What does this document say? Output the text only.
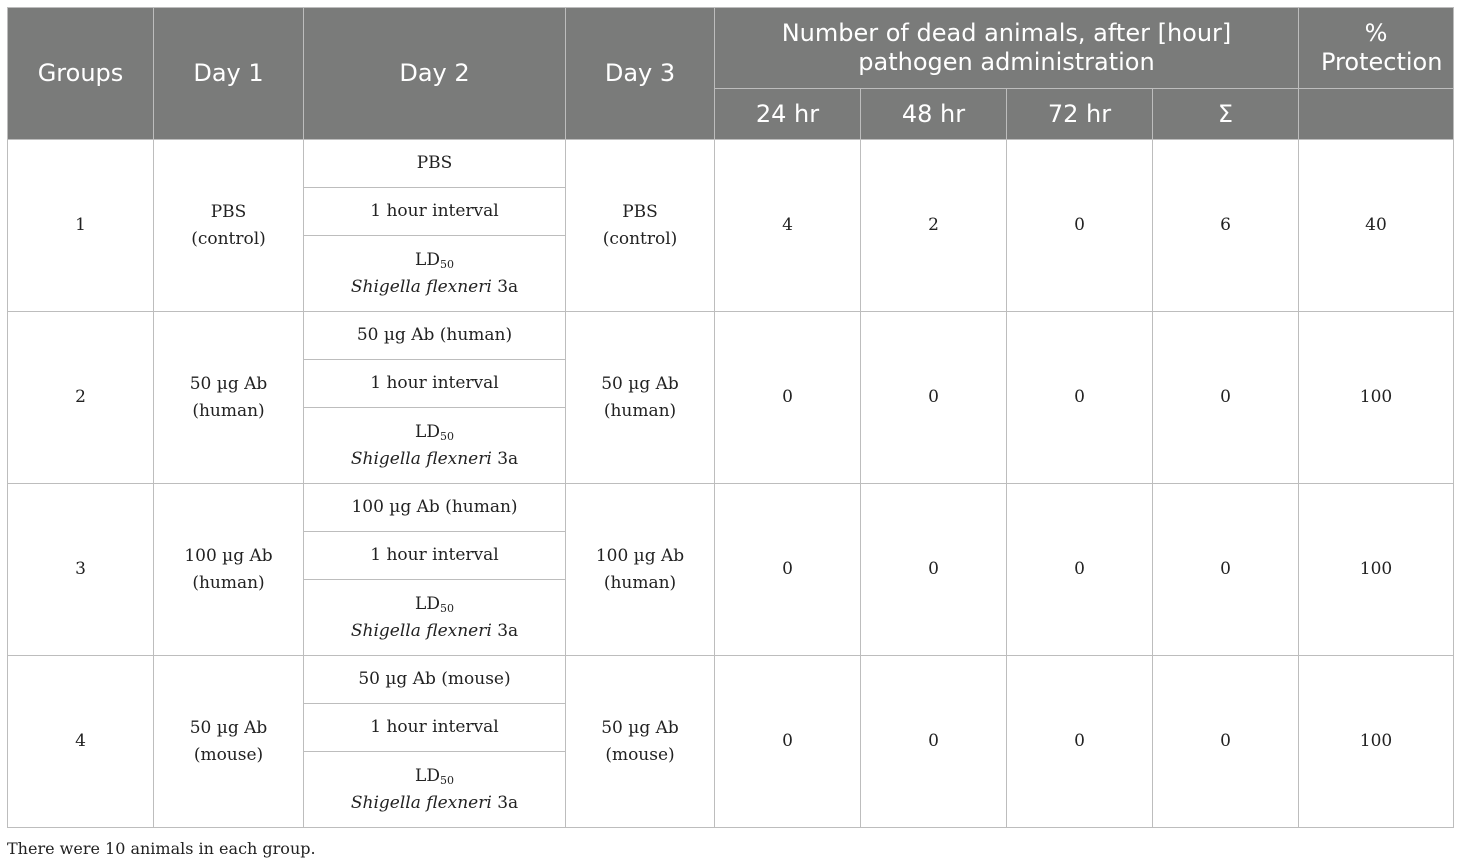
Groups	Day 1	Day 2	Day 3	Number of dead animals, after [hour] pathogen administration				% Protection
				24 hr	48 hr	72 hr	Σ	
1	PBS (control)	PBS	PBS (control)	4	2	0	6	40
		1 hour interval						

		$LD_{50}$
Shigella flexneri 3a						

2	50 µg Ab (human)	50 µg Ab (human)	50 µg Ab (human)	0	0	0	0	100
		1 hour interval						

		$LD_{50}$
Shigella flexneri 3a						

3	100 µg Ab (human)	100 µg Ab (human)	100 µg Ab (human)	0	0	0	0	100
		1 hour interval						

		$LD_{50}$
Shigella flexneri 3a						

4	50 µg Ab (mouse)	50 µg Ab (mouse)	50 µg Ab (mouse)	0	0	0	0	100
		1 hour interval						

		$LD_{50}$
Shigella flexneri 3a						
There were 10 animals in each group.
